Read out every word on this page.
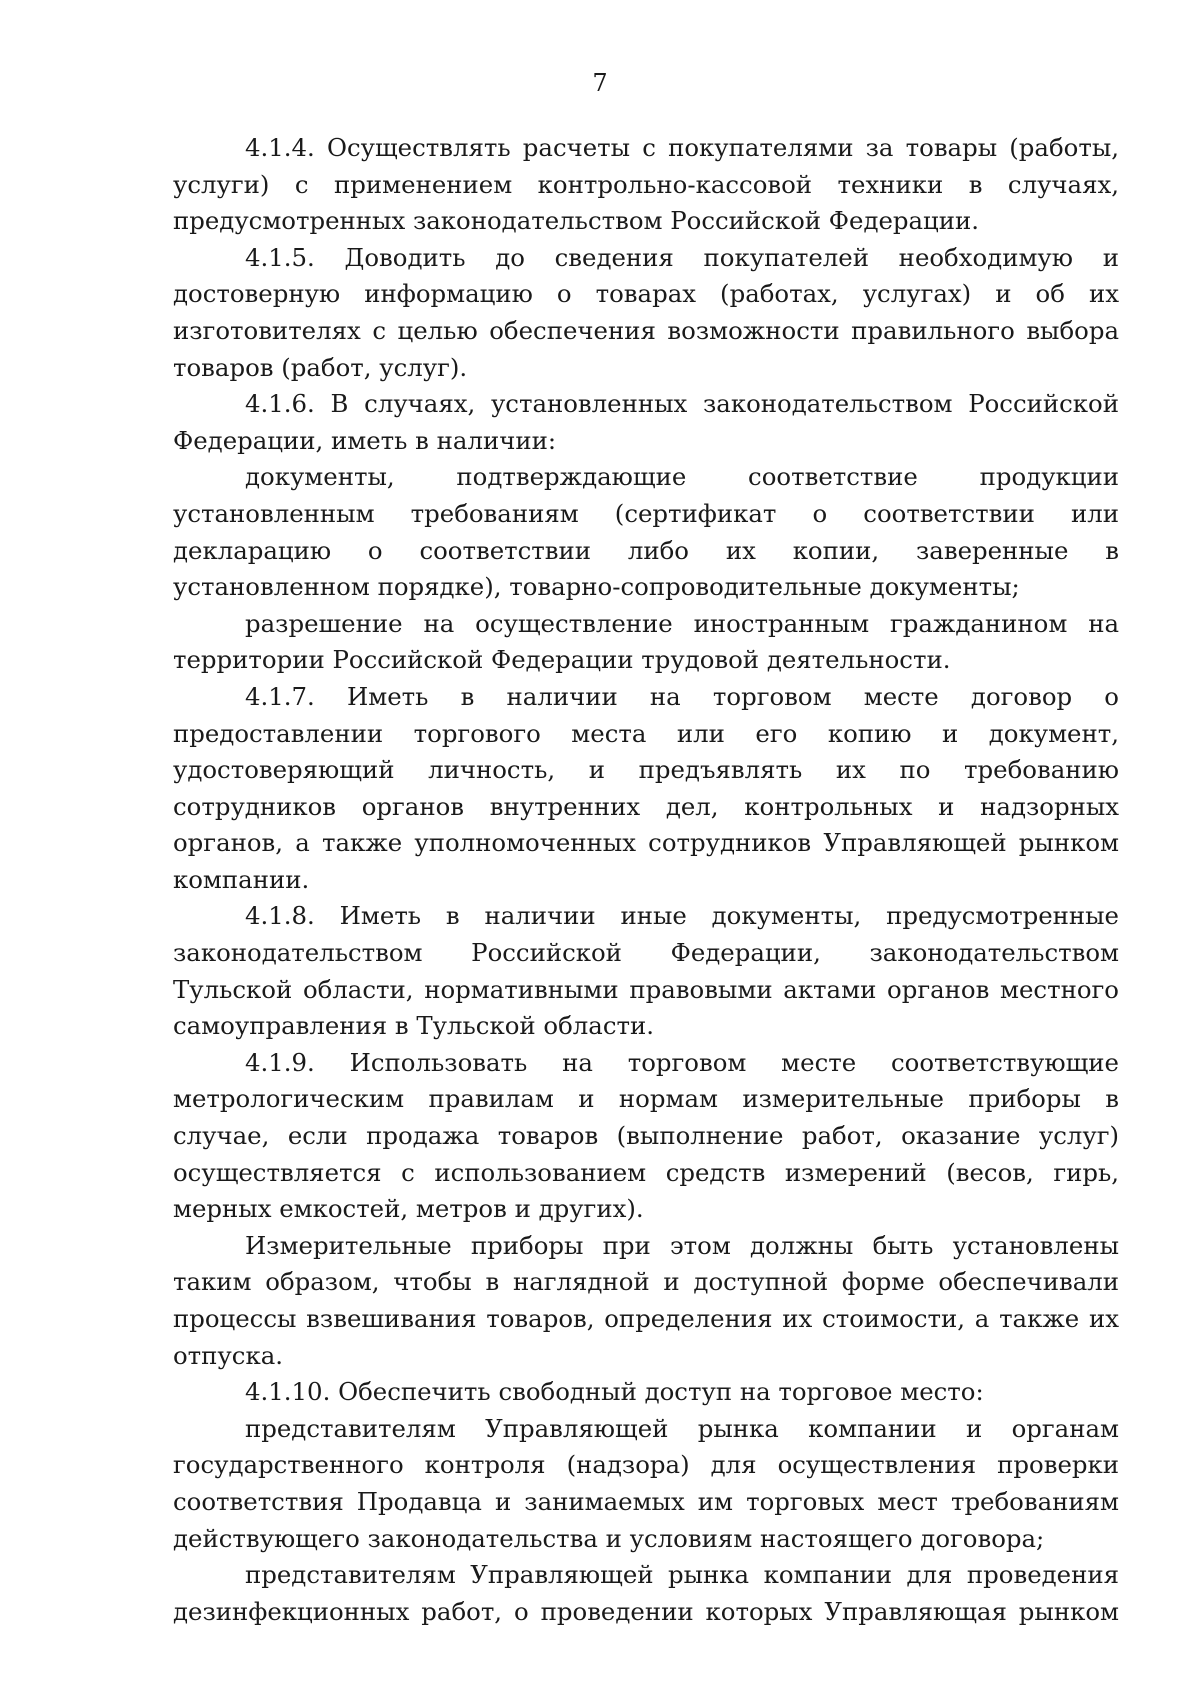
7

4.1.4. Осуществлять расчеты с покупателями за товары (работы, услуги) с применением контрольно-кассовой техники в случаях, предусмотренных законодательством Российской Федерации.

4.1.5. Доводить до сведения покупателей необходимую и достоверную информацию о товарах (работах, услугах) и об их изготовителях с целью обеспечения возможности правильного выбора товаров (работ, услуг).

4.1.6. В случаях, установленных законодательством Российской Федерации, иметь в наличии:

документы, подтверждающие соответствие продукции установленным требованиям (сертификат о соответствии или декларацию о соответствии либо их копии, заверенные в установленном порядке), товарно-сопроводительные документы;

разрешение на осуществление иностранным гражданином на территории Российской Федерации трудовой деятельности.

4.1.7. Иметь в наличии на торговом месте договор о предоставлении торгового места или его копию и документ, удостоверяющий личность, и предъявлять их по требованию сотрудников органов внутренних дел, контрольных и надзорных органов, а также уполномоченных сотрудников Управляющей рынком компании.

4.1.8. Иметь в наличии иные документы, предусмотренные законодательством Российской Федерации, законодательством Тульской области, нормативными правовыми актами органов местного самоуправления в Тульской области.

4.1.9. Использовать на торговом месте соответствующие метрологическим правилам и нормам измерительные приборы в случае, если продажа товаров (выполнение работ, оказание услуг) осуществляется с использованием средств измерений (весов, гирь, мерных емкостей, метров и других).

Измерительные приборы при этом должны быть установлены таким образом, чтобы в наглядной и доступной форме обеспечивали процессы взвешивания товаров, определения их стоимости, а также их отпуска.

4.1.10. Обеспечить свободный доступ на торговое место:

представителям Управляющей рынка компании и органам государственного контроля (надзора) для осуществления проверки соответствия Продавца и занимаемых им торговых мест требованиям действующего законодательства и условиям настоящего договора;

представителям Управляющей рынка компании для проведения дезинфекционных работ, о проведении которых Управляющая рынком
